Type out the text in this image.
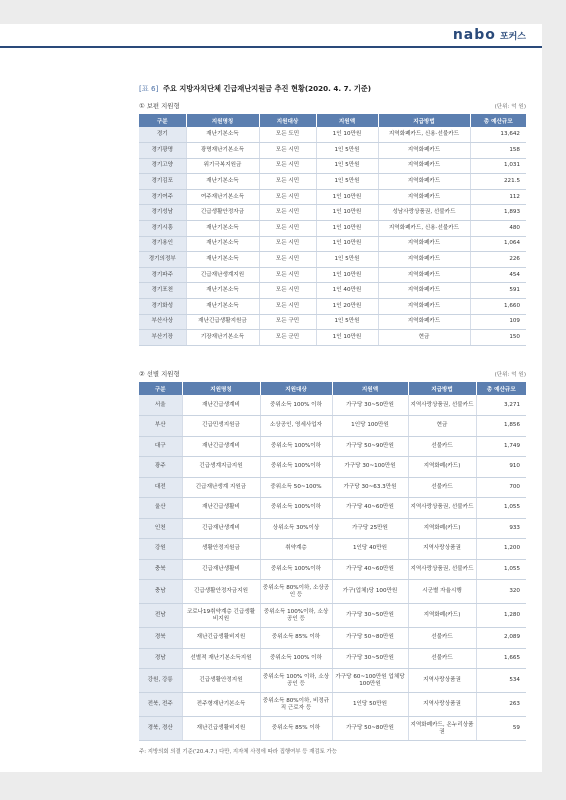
nabo 포커스
[표 6] 주요 지방자치단체 긴급재난지원금 추진 현황(2020. 4. 7. 기준)
① 보편 지원형	(단위: 억 원)
구분	지원명칭	지원대상	지원액	지급방법	총 예산규모
경기	재난기본소득	모든 도민	1인 10만원	지역화폐카드, 신용·선불카드	13,642
경기광명	광명재난기본소득	모든 시민	1인 5만원	지역화폐카드	158
경기고양	위기극복지원금	모든 시민	1인 5만원	지역화폐카드	1,031
경기김포	재난기본소득	모든 시민	1인 5만원	지역화폐카드	221.5
경기여주	여주재난기본소득	모든 시민	1인 10만원	지역화폐카드	112
경기성남	긴급생활안정자금	모든 시민	1인 10만원	성남사랑상품권, 선불카드	1,893
경기시흥	재난기본소득	모든 시민	1인 10만원	지역화폐카드, 신용·선불카드	480
경기용인	재난기본소득	모든 시민	1인 10만원	지역화폐카드	1,064
경기의정부	재난기본소득	모든 시민	1인 5만원	지역화폐카드	226
경기파주	긴급재난생계지원	모든 시민	1인 10만원	지역화폐카드	454
경기포천	재난기본소득	모든 시민	1인 40만원	지역화폐카드	591
경기화성	재난기본소득	모든 시민	1인 20만원	지역화폐카드	1,660
부산사상	재난긴급생활지원금	모든 구민	1인 5만원	지역화폐카드	109
부산기장	기장재난기본소득	모든 군민	1인 10만원	현금	150
② 선별 지원형	(단위: 억 원)
구분	지원명칭	지원대상	지원액	지급방법	총 예산규모
서울	재난긴급생계비	중위소득 100% 이하	가구당 30~50만원	지역사랑상품권, 선불카드	3,271
부산	긴급민생지원금	소상공인, 영세사업자	1인당 100만원	현금	1,856
대구	재난긴급생계비	중위소득 100%이하	가구당 50~90만원	선불카드	1,749
광주	긴급생계지급지원	중위소득 100%이하	가구당 30~100만원	지역화폐(카드)	910
대전	긴급재난생계 지원금	중위소득 50~100%	가구당 30~63.3만원	선불카드	700
울산	재난긴급생활비	중위소득 100%이하	가구당 40~60만원	지역사랑상품권, 선불카드	1,055
인천	긴급재난생계비	상위소득 30%이상	가구당 25만원	지역화폐(카드)	933
강원	생활안정지원금	취약계층	1인당 40만원	지역사랑상품권	1,200
충북	긴급재난생활비	중위소득 100%이하	가구당 40~60만원	지역사랑상품권, 선불카드	1,055
충남	긴급생활안정자금지원	중위소득 80%이하, 소상공인 등	가구(업체)당 100만원	시군별 자율시행	320
전남	코로나19취약계층 긴급생활비지원	중위소득 100%이하, 소상공인 등	가구당 30~50만원	지역화폐(카드)	1,280
경북	재난긴급생활비지원	중위소득 85% 이하	가구당 50~80만원	선불카드	2,089
경남	선별적 재난기본소득지원	중위소득 100% 이하	가구당 30~50만원	선불카드	1,665
강원, 강릉	긴급생활안정지원	중위소득 100% 이하, 소상공인 등	가구당 60~100만원 업체당 100만원	지역사랑상품권	534
전북, 전주	전주형재난기본소득	중위소득 80%이하, 비정규직 근로자 등	1인당 50만원	지역사랑상품권	263
경북, 경산	재난긴급생활비지원	중위소득 85% 이하	가구당 50~80만원	지역화폐카드, 온누리상품권	59
주: 지방의회 의결 기준('20.4.7.) 다만, 지자체 사정에 따라 집행여부 등 재검토 가능
